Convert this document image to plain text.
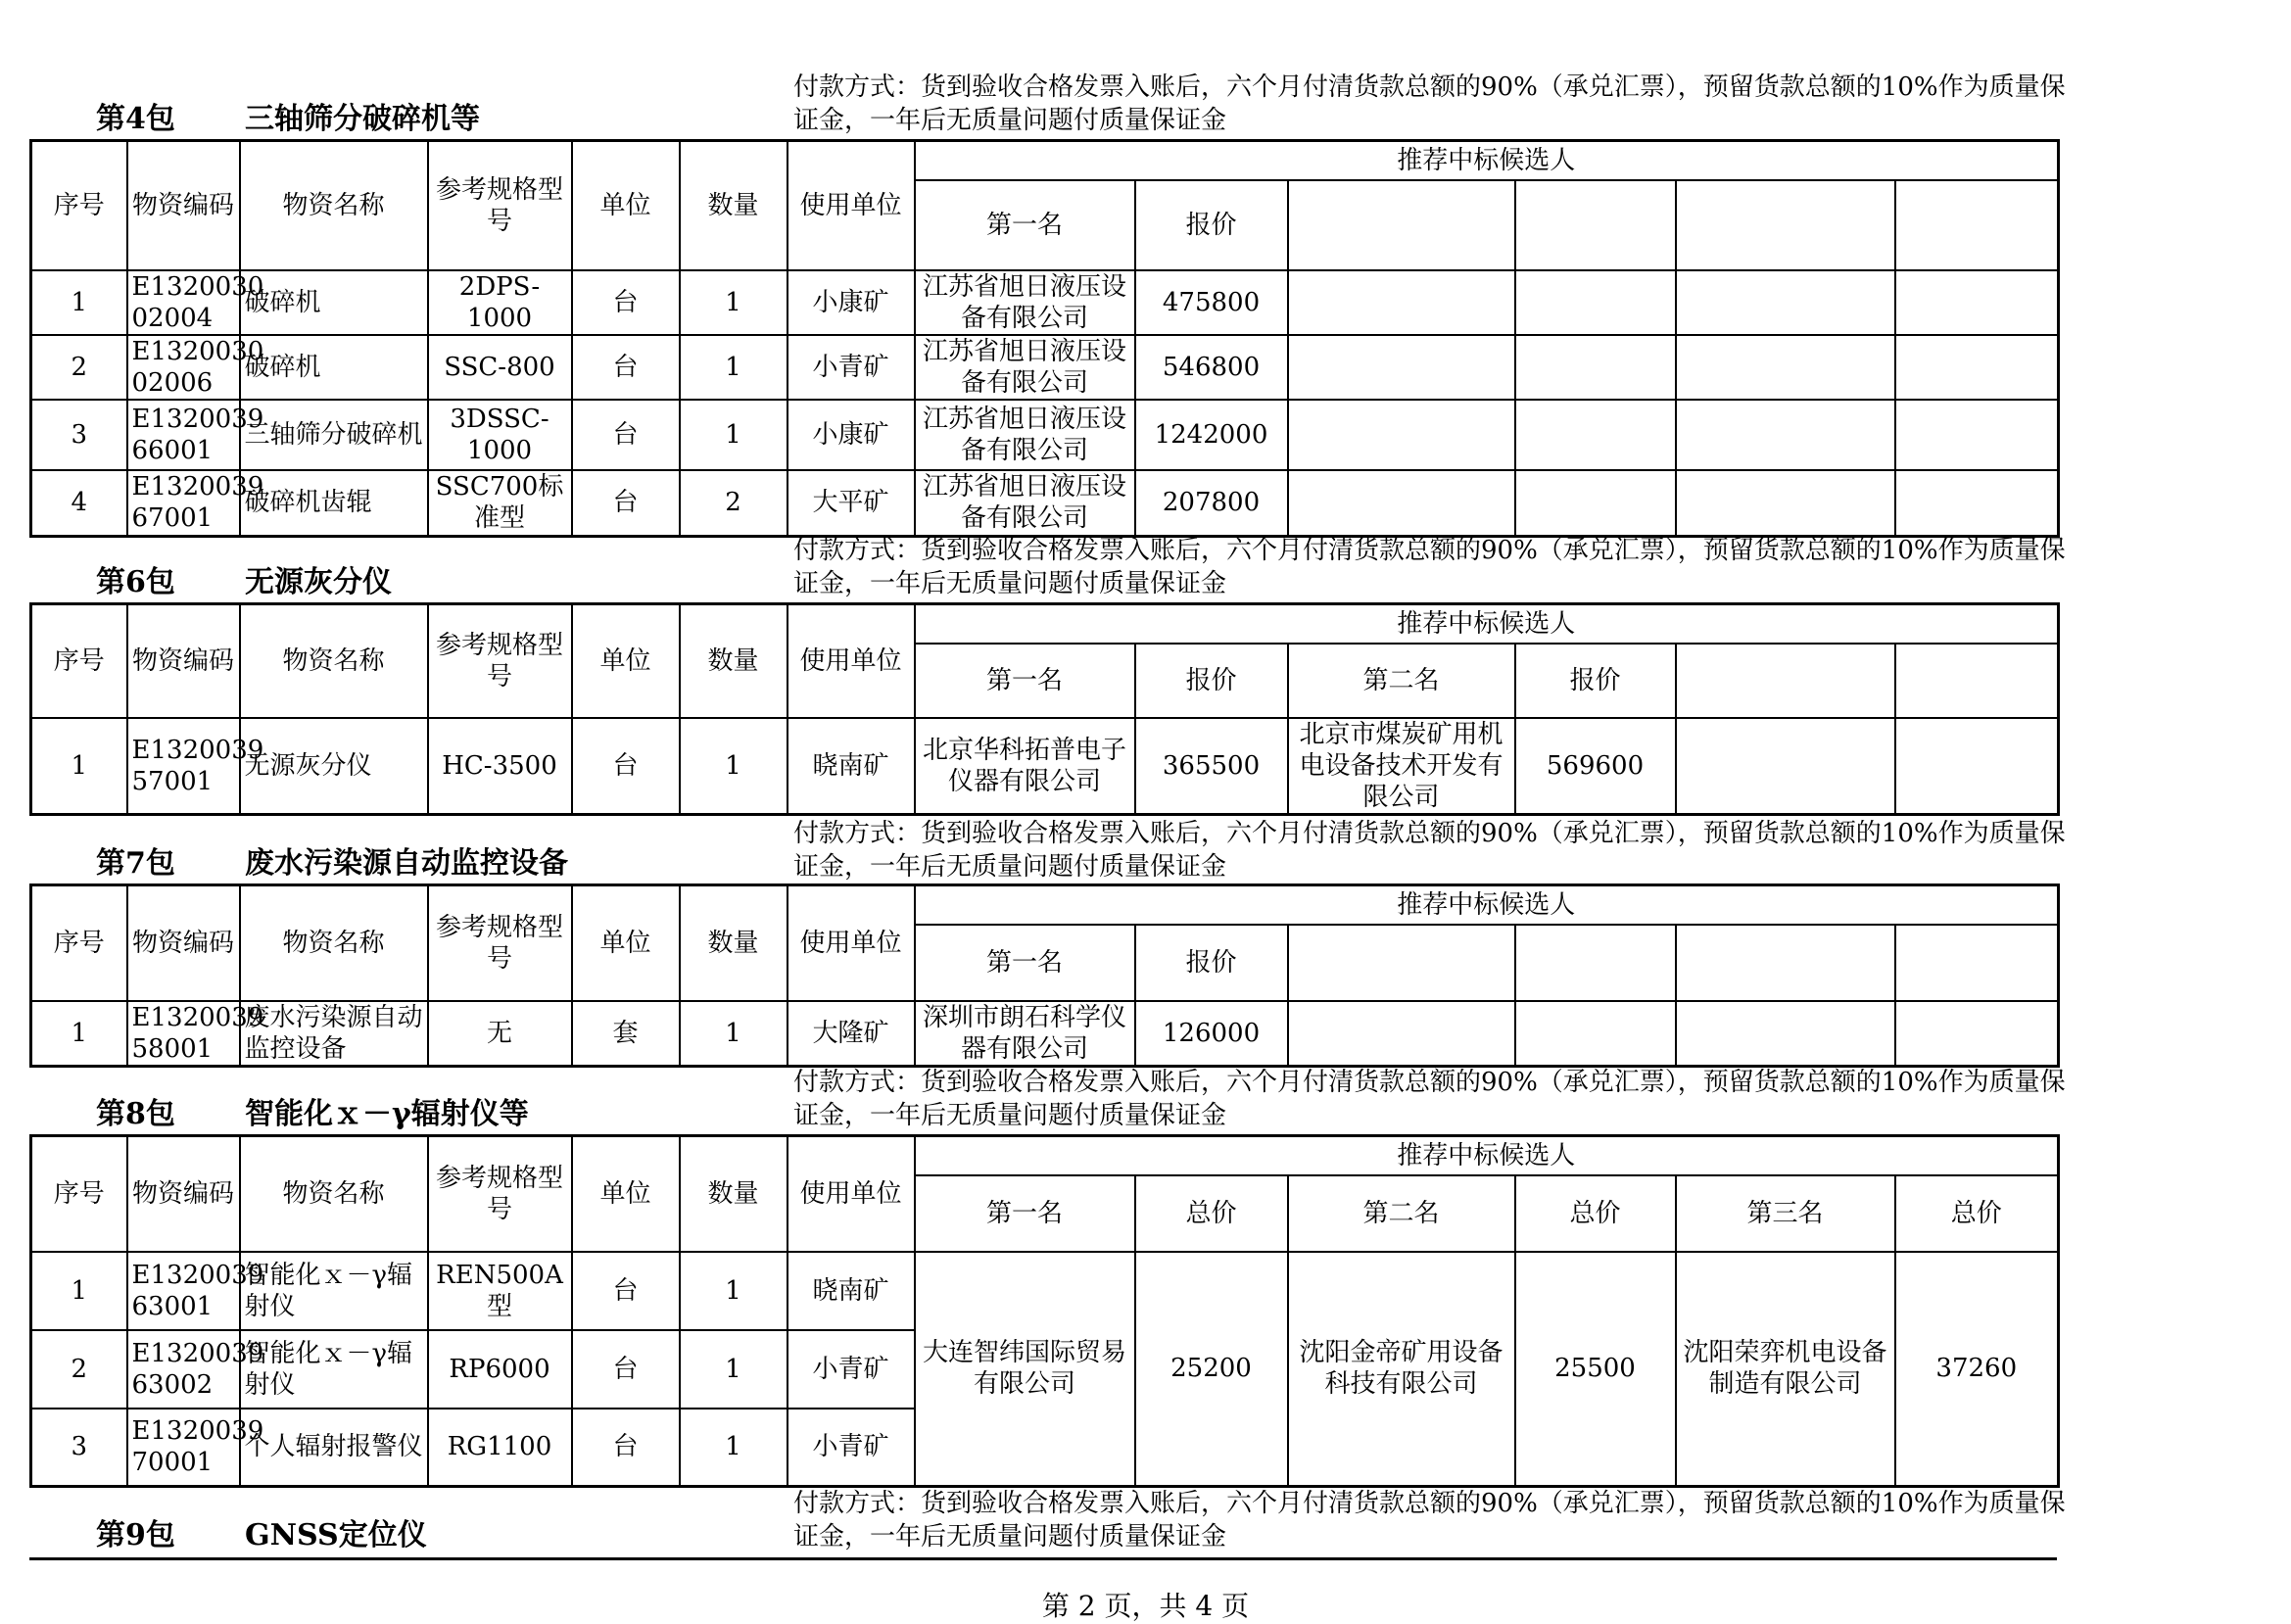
第4包 三轴筛分破碎机等
付款方式：货到验收合格发票入账后，六个月付清货款总额的90%（承兑汇票），预留货款总额的10%作为质量保证金，一年后无质量问题付质量保证金
序号	物资编码	物资名称	参考规格型号	单位	数量	使用单位	推荐中标候选人					
							第一名	报价				
1	E1320030 02004	破碎机	2DPS-1000	台	1	小康矿	江苏省旭日液压设备有限公司	475800				
2	E1320030 02006	破碎机	SSC-800	台	1	小青矿	江苏省旭日液压设备有限公司	546800				
3	E1320039 66001	三轴筛分破碎机	3DSSC-1000	台	1	小康矿	江苏省旭日液压设备有限公司	1242000				
4	E1320039 67001	破碎机齿辊	SSC700标准型	台	2	大平矿	江苏省旭日液压设备有限公司	207800				
第6包 无源灰分仪
付款方式：货到验收合格发票入账后，六个月付清货款总额的90%（承兑汇票），预留货款总额的10%作为质量保证金，一年后无质量问题付质量保证金
序号	物资编码	物资名称	参考规格型号	单位	数量	使用单位	推荐中标候选人					
							第一名	报价	第二名	报价		
1	E1320039 57001	无源灰分仪	HC-3500	台	1	晓南矿	北京华科拓普电子仪器有限公司	365500	北京市煤炭矿用机电设备技术开发有限公司	569600		
第7包 废水污染源自动监控设备
付款方式：货到验收合格发票入账后，六个月付清货款总额的90%（承兑汇票），预留货款总额的10%作为质量保证金，一年后无质量问题付质量保证金
序号	物资编码	物资名称	参考规格型号	单位	数量	使用单位	推荐中标候选人					
							第一名	报价				
1	E1320039 58001	废水污染源自动监控设备	无	套	1	大隆矿	深圳市朗石科学仪器有限公司	126000				
第8包 智能化ｘ－γ辐射仪等
付款方式：货到验收合格发票入账后，六个月付清货款总额的90%（承兑汇票），预留货款总额的10%作为质量保证金，一年后无质量问题付质量保证金
序号	物资编码	物资名称	参考规格型号	单位	数量	使用单位	推荐中标候选人					
							第一名	总价	第二名	总价	第三名	总价
1	E1320039 63001	智能化ｘ－γ辐射仪	REN500A型	台	1	晓南矿	大连智纬国际贸易有限公司	25200	沈阳金帝矿用设备科技有限公司	25500	沈阳荣弈机电设备制造有限公司	37260
2	E1320039 63002	智能化ｘ－γ辐射仪	RP6000	台	1	小青矿						
3	E1320039 70001	个人辐射报警仪	RG1100	台	1	小青矿						
第9包 GNSS定位仪
付款方式：货到验收合格发票入账后，六个月付清货款总额的90%（承兑汇票），预留货款总额的10%作为质量保证金，一年后无质量问题付质量保证金
第 2 页，共 4 页
